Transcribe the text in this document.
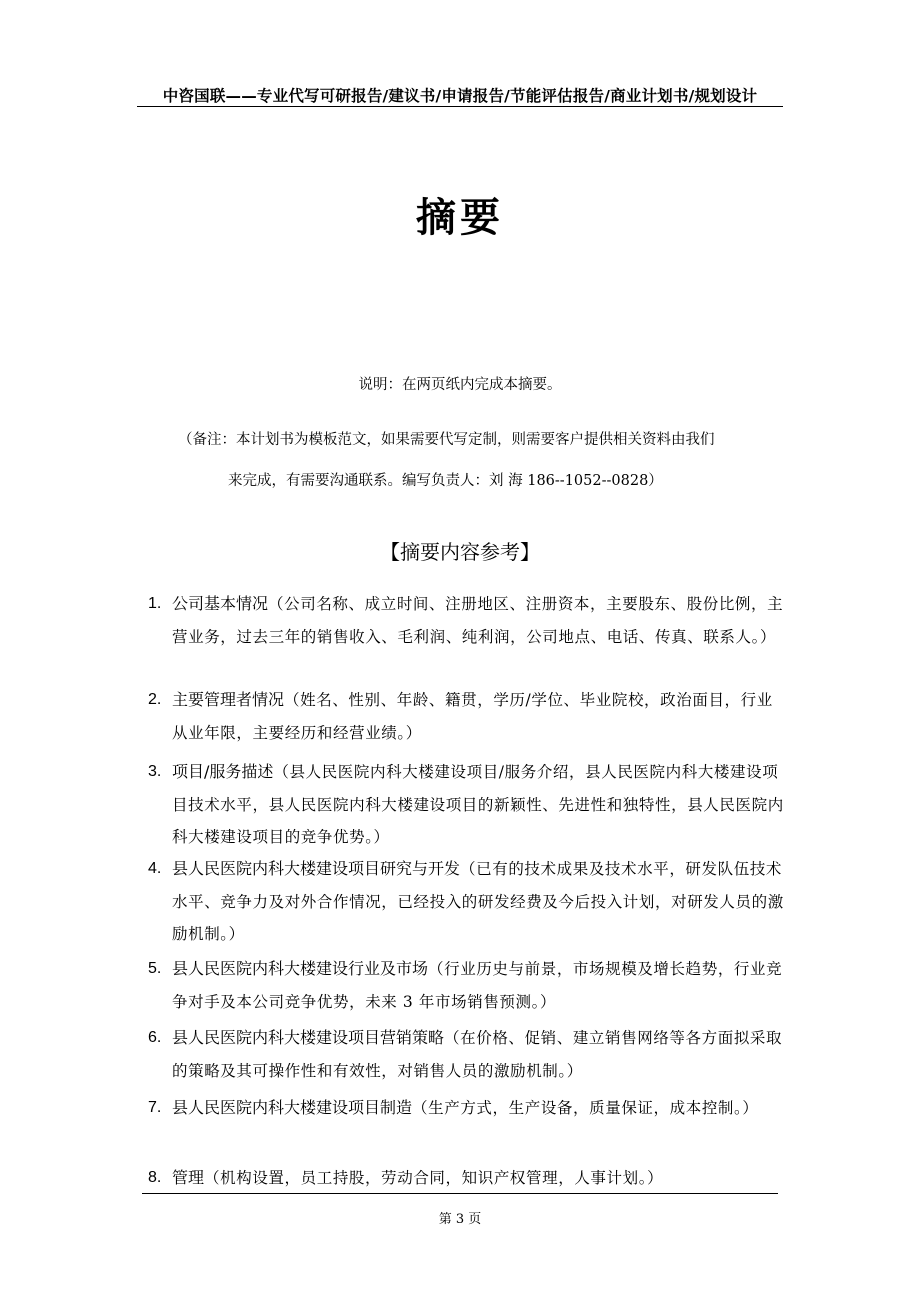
中咨国联——专业代写可研报告/建议书/申请报告/节能评估报告/商业计划书/规划设计
摘要
说明：在两页纸内完成本摘要。
（备注：本计划书为模板范文，如果需要代写定制，则需要客户提供相关资料由我们
来完成，有需要沟通联系。编写负责人：刘 海 186--1052--0828）
【摘要内容参考】
1. 公司基本情况（公司名称、成立时间、注册地区、注册资本，主要股东、股份比例，主营业务，过去三年的销售收入、毛利润、纯利润，公司地点、电话、传真、联系人。）
2. 主要管理者情况（姓名、性别、年龄、籍贯，学历/学位、毕业院校，政治面目，行业从业年限，主要经历和经营业绩。）
3. 项目/服务描述（县人民医院内科大楼建设项目/服务介绍，县人民医院内科大楼建设项目技术水平，县人民医院内科大楼建设项目的新颖性、先进性和独特性，县人民医院内科大楼建设项目的竞争优势。）
4. 县人民医院内科大楼建设项目研究与开发（已有的技术成果及技术水平，研发队伍技术水平、竞争力及对外合作情况，已经投入的研发经费及今后投入计划，对研发人员的激励机制。）
5. 县人民医院内科大楼建设行业及市场（行业历史与前景，市场规模及增长趋势，行业竞争对手及本公司竞争优势，未来 3 年市场销售预测。）
6. 县人民医院内科大楼建设项目营销策略（在价格、促销、建立销售网络等各方面拟采取的策略及其可操作性和有效性，对销售人员的激励机制。）
7. 县人民医院内科大楼建设项目制造（生产方式，生产设备，质量保证，成本控制。）
8. 管理（机构设置，员工持股，劳动合同，知识产权管理，人事计划。）
第 3 页
